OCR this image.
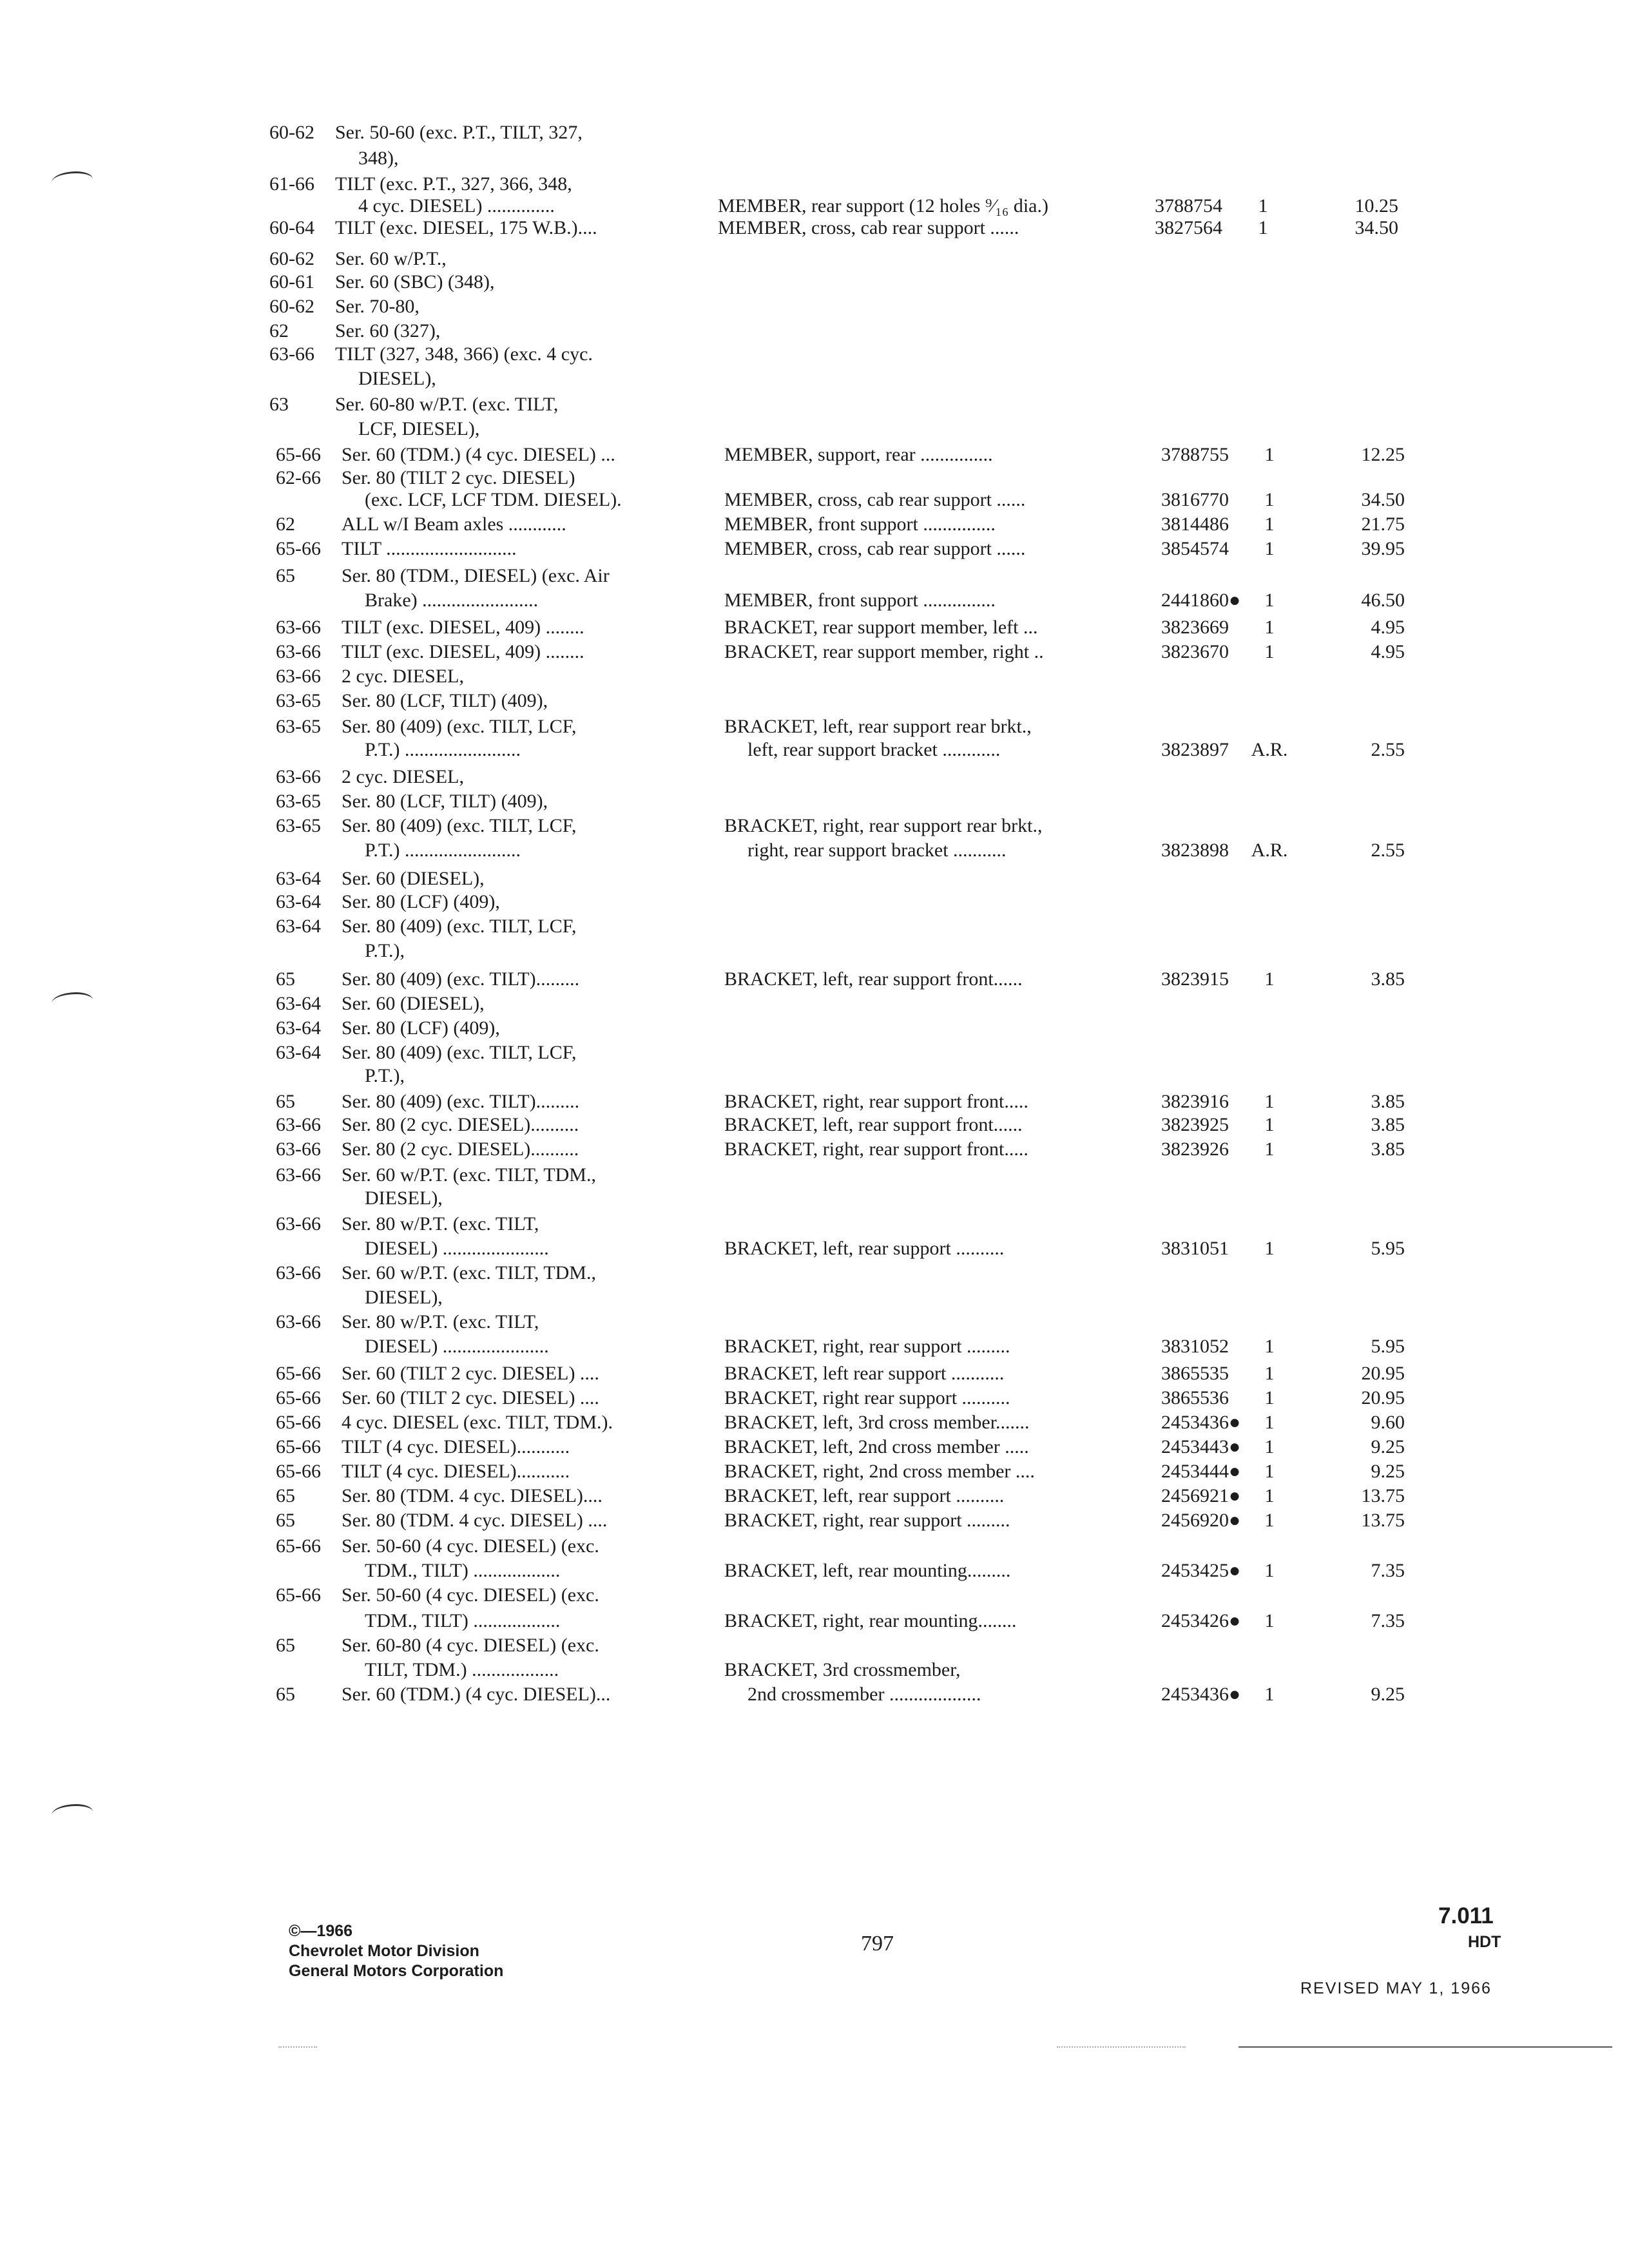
60-62 Ser. 50-60 (exc. P.T., TILT, 327,
348),
61-66 TILT (exc. P.T., 327, 366, 348,
4 cyc. DIESEL) ..............	MEMBER, rear support (12 holes ⁹⁄₁₆ dia.)	3788754	1	10.25
60-64 TILT (exc. DIESEL, 175 W.B.)....	MEMBER, cross, cab rear support ......	3827564	1	34.50
60-62 Ser. 60 w/P.T.,
60-61 Ser. 60 (SBC) (348),
60-62 Ser. 70-80,
62 Ser. 60 (327),
63-66 TILT (327, 348, 366) (exc. 4 cyc.
DIESEL),
63 Ser. 60-80 w/P.T. (exc. TILT,
LCF, DIESEL),
65-66 Ser. 60 (TDM.) (4 cyc. DIESEL) ...	MEMBER, support, rear ...............	3788755	1	12.25
62-66 Ser. 80 (TILT 2 cyc. DIESEL)
(exc. LCF, LCF TDM. DIESEL).	MEMBER, cross, cab rear support ......	3816770	1	34.50
62 ALL w/I Beam axles ............	MEMBER, front support ...............	3814486	1	21.75
65-66 TILT ...........................	MEMBER, cross, cab rear support ......	3854574	1	39.95
65 Ser. 80 (TDM., DIESEL) (exc. Air
Brake) ........................	MEMBER, front support ...............	2441860●	1	46.50
63-66 TILT (exc. DIESEL, 409) ........	BRACKET, rear support member, left ...	3823669	1	4.95
63-66 TILT (exc. DIESEL, 409) ........	BRACKET, rear support member, right ..	3823670	1	4.95
63-66 2 cyc. DIESEL,
63-65 Ser. 80 (LCF, TILT) (409),
63-65 Ser. 80 (409) (exc. TILT, LCF,	BRACKET, left, rear support rear brkt.,
P.T.) ........................	left, rear support bracket ............	3823897	A.R.	2.55
63-66 2 cyc. DIESEL,
63-65 Ser. 80 (LCF, TILT) (409),
63-65 Ser. 80 (409) (exc. TILT, LCF,	BRACKET, right, rear support rear brkt.,
P.T.) ........................	right, rear support bracket ...........	3823898	A.R.	2.55
63-64 Ser. 60 (DIESEL),
63-64 Ser. 80 (LCF) (409),
63-64 Ser. 80 (409) (exc. TILT, LCF,
P.T.),
65 Ser. 80 (409) (exc. TILT).........	BRACKET, left, rear support front......	3823915	1	3.85
63-64 Ser. 60 (DIESEL),
63-64 Ser. 80 (LCF) (409),
63-64 Ser. 80 (409) (exc. TILT, LCF,
P.T.),
65 Ser. 80 (409) (exc. TILT).........	BRACKET, right, rear support front.....	3823916	1	3.85
63-66 Ser. 80 (2 cyc. DIESEL)..........	BRACKET, left, rear support front......	3823925	1	3.85
63-66 Ser. 80 (2 cyc. DIESEL)..........	BRACKET, right, rear support front.....	3823926	1	3.85
63-66 Ser. 60 w/P.T. (exc. TILT, TDM.,
DIESEL),
63-66 Ser. 80 w/P.T. (exc. TILT,
DIESEL) ......................	BRACKET, left, rear support ..........	3831051	1	5.95
63-66 Ser. 60 w/P.T. (exc. TILT, TDM.,
DIESEL),
63-66 Ser. 80 w/P.T. (exc. TILT,
DIESEL) ......................	BRACKET, right, rear support .........	3831052	1	5.95
65-66 Ser. 60 (TILT 2 cyc. DIESEL) ....	BRACKET, left rear support ...........	3865535	1	20.95
65-66 Ser. 60 (TILT 2 cyc. DIESEL) ....	BRACKET, right rear support ..........	3865536	1	20.95
65-66 4 cyc. DIESEL (exc. TILT, TDM.).	BRACKET, left, 3rd cross member.......	2453436●	1	9.60
65-66 TILT (4 cyc. DIESEL)...........	BRACKET, left, 2nd cross member .....	2453443●	1	9.25
65-66 TILT (4 cyc. DIESEL)...........	BRACKET, right, 2nd cross member ....	2453444●	1	9.25
65 Ser. 80 (TDM. 4 cyc. DIESEL)....	BRACKET, left, rear support ..........	2456921●	1	13.75
65 Ser. 80 (TDM. 4 cyc. DIESEL) ....	BRACKET, right, rear support .........	2456920●	1	13.75
65-66 Ser. 50-60 (4 cyc. DIESEL) (exc.
TDM., TILT) ..................	BRACKET, left, rear mounting.........	2453425●	1	7.35
65-66 Ser. 50-60 (4 cyc. DIESEL) (exc.
TDM., TILT) ..................	BRACKET, right, rear mounting........	2453426●	1	7.35
65 Ser. 60-80 (4 cyc. DIESEL) (exc.
TILT, TDM.) ..................	BRACKET, 3rd crossmember,
65 Ser. 60 (TDM.) (4 cyc. DIESEL)...	2nd crossmember ...................	2453436●	1	9.25
©—1966
Chevrolet Motor Division
General Motors Corporation
797
7.011
HDT
REVISED MAY 1, 1966
